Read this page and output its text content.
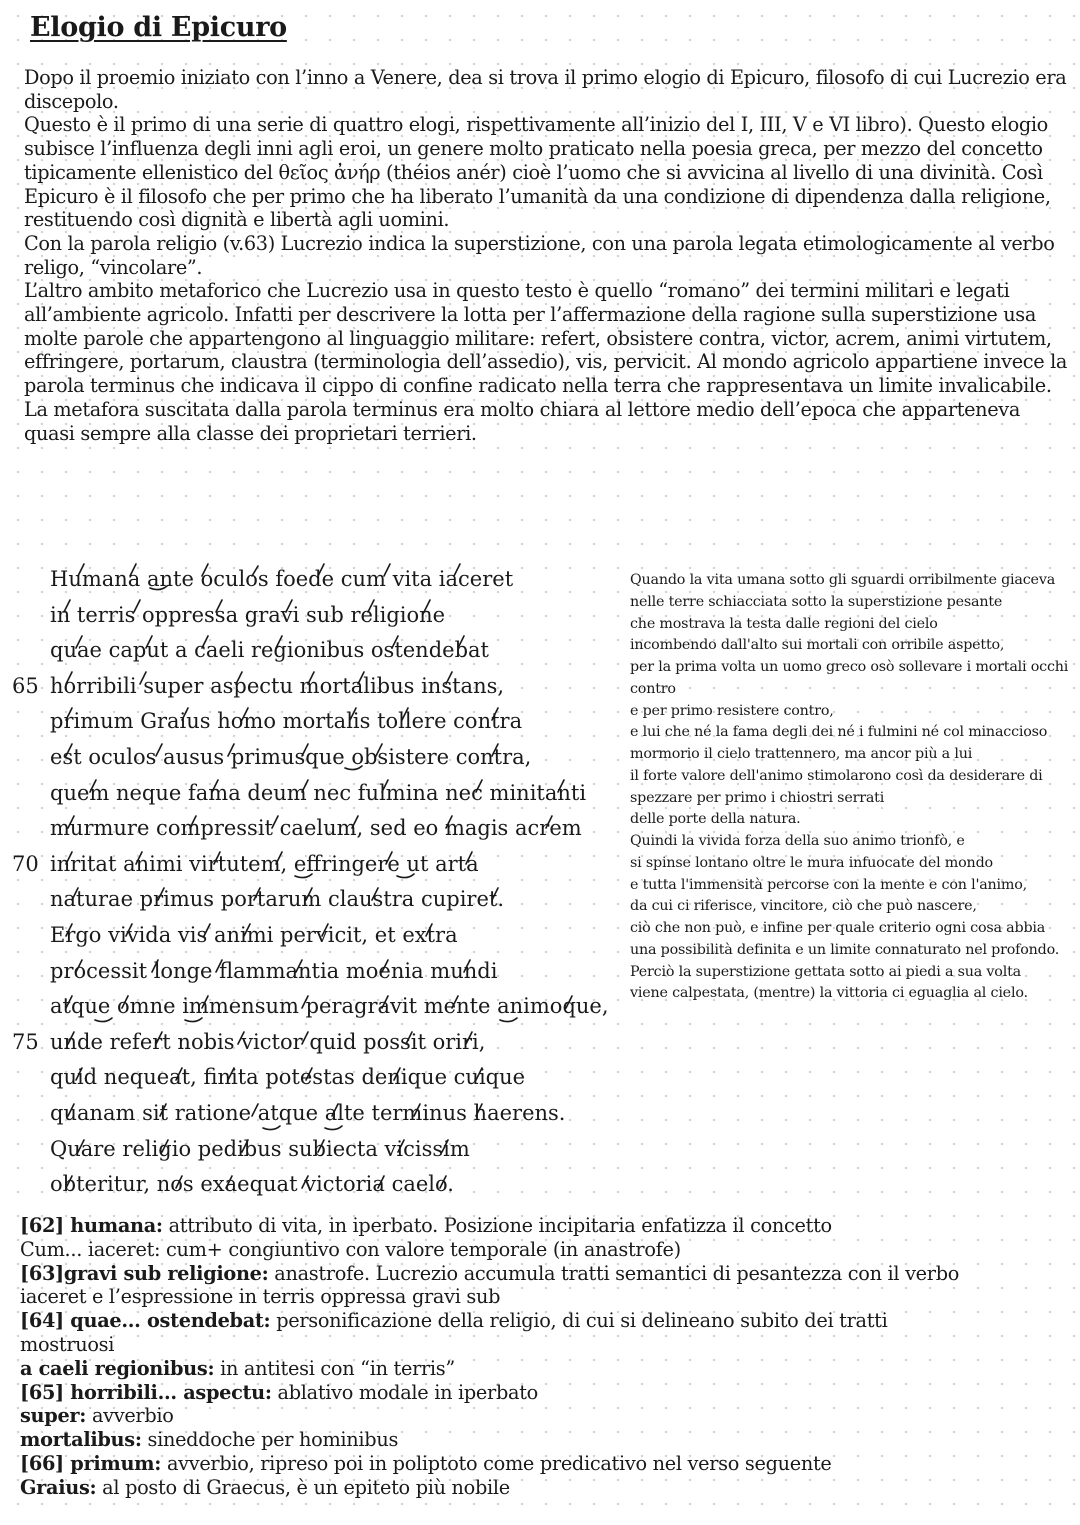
Elogio di Epicuro

Dopo il proemio iniziato con l’inno a Venere, dea si trova il primo elogio di Epicuro, filosofo di cui Lucrezio era discepolo.

Questo è il primo di una serie di quattro elogi, rispettivamente all’inizio del I, III, V e VI libro). Questo elogio subisce l’influenza degli inni agli eroi, un genere molto praticato nella poesia greca, per mezzo del concetto tipicamente ellenistico del θεῖος ἀνήρ (théios anér) cioè l’uomo che si avvicina al livello di una divinità. Così Epicuro è il filosofo che per primo che ha liberato l’umanità da una condizione di dipendenza dalla religione, restituendo così dignità e libertà agli uomini.

Con la parola religio (v.63) Lucrezio indica la superstizione, con una parola legata etimologicamente al verbo religo, “vincolare”.

L’altro ambito metaforico che Lucrezio usa in questo testo è quello “romano” dei termini militari e legati all’ambiente agricolo. Infatti per descrivere la lotta per l’affermazione della ragione sulla superstizione usa molte parole che appartengono al linguaggio militare: refert, obsistere contra, victor, acrem, animi virtutem, effringere, portarum, claustra (terminologia dell’assedio), vis, pervicit. Al mondo agricolo appartiene invece la parola terminus che indicava il cippo di confine radicato nella terra che rappresentava un limite invalicabile. La metafora suscitata dalla parola terminus era molto chiara al lettore medio dell’epoca che apparteneva quasi sempre alla classe dei proprietari terrieri.

Humana ante oculos foede cum vita iaceret
in terris oppressa gravi sub religione
quae caput a caeli regionibus ostendebat
65 horribili super aspectu mortalibus instans,
primum Graius homo mortalis tollere contra
est oculos ausus primusque obsistere contra,
quem neque fama deum nec fulmina nec minitanti
murmure compressit caelum, sed eo magis acrem
70 inritat animi virtutem, effringere ut arta
naturae primus portarum claustra cupiret.
Ergo vivida vis animi pervicit, et extra
processit longe flammantia moenia mundi
atque omne immensum peragravit mente animoque,
75 unde refert nobis victor quid possit oriri,
quid nequeat, finita potestas denique cuique
quanam sit ratione atque alte terminus haerens.
Quare religio pedibus subiecta vicissim
obteritur, nos exaequat victoria caelo.

Quando la vita umana sotto gli sguardi orribilmente giaceva

nelle terre schiacciata sotto la superstizione pesante

che mostrava la testa dalle regioni del cielo

incombendo dall'alto sui mortali con orribile aspetto,

per la prima volta un uomo greco osò sollevare i mortali occhi contro

e per primo resistere contro,

e lui che né la fama degli dei né i fulmini né col minaccioso

mormorio il cielo trattennero, ma ancor più a lui

il forte valore dell'animo stimolarono così da desiderare di spezzare per primo i chiostri serrati

delle porte della natura.

Quindi la vivida forza della suo animo trionfò, e

si spinse lontano oltre le mura infuocate del mondo

e tutta l'immensità percorse con la mente e con l'animo,

da cui ci riferisce, vincitore, ciò che può nascere,

ciò che non può, e infine per quale criterio ogni cosa abbia una possibilità definita e un limite connaturato nel profondo.

Perciò la superstizione gettata sotto ai piedi a sua volta

viene calpestata, (mentre) la vittoria ci eguaglia al cielo.

[62] humana: attributo di vita, in iperbato. Posizione incipitaria enfatizza il concetto

Cum... iaceret: cum+ congiuntivo con valore temporale (in anastrofe)

[63]gravi sub religione: anastrofe. Lucrezio accumula tratti semantici di pesantezza con il verbo

iaceret e l’espressione in terris oppressa gravi sub

[64] quae... ostendebat: personificazione della religio, di cui si delineano subito dei tratti

mostruosi

a caeli regionibus: in antitesi con “in terris”

[65] horribili... aspectu: ablativo modale in iperbato

super: avverbio

mortalibus: sineddoche per hominibus

[66] primum: avverbio, ripreso poi in poliptoto come predicativo nel verso seguente

Graius: al posto di Graecus, è un epiteto più nobile
